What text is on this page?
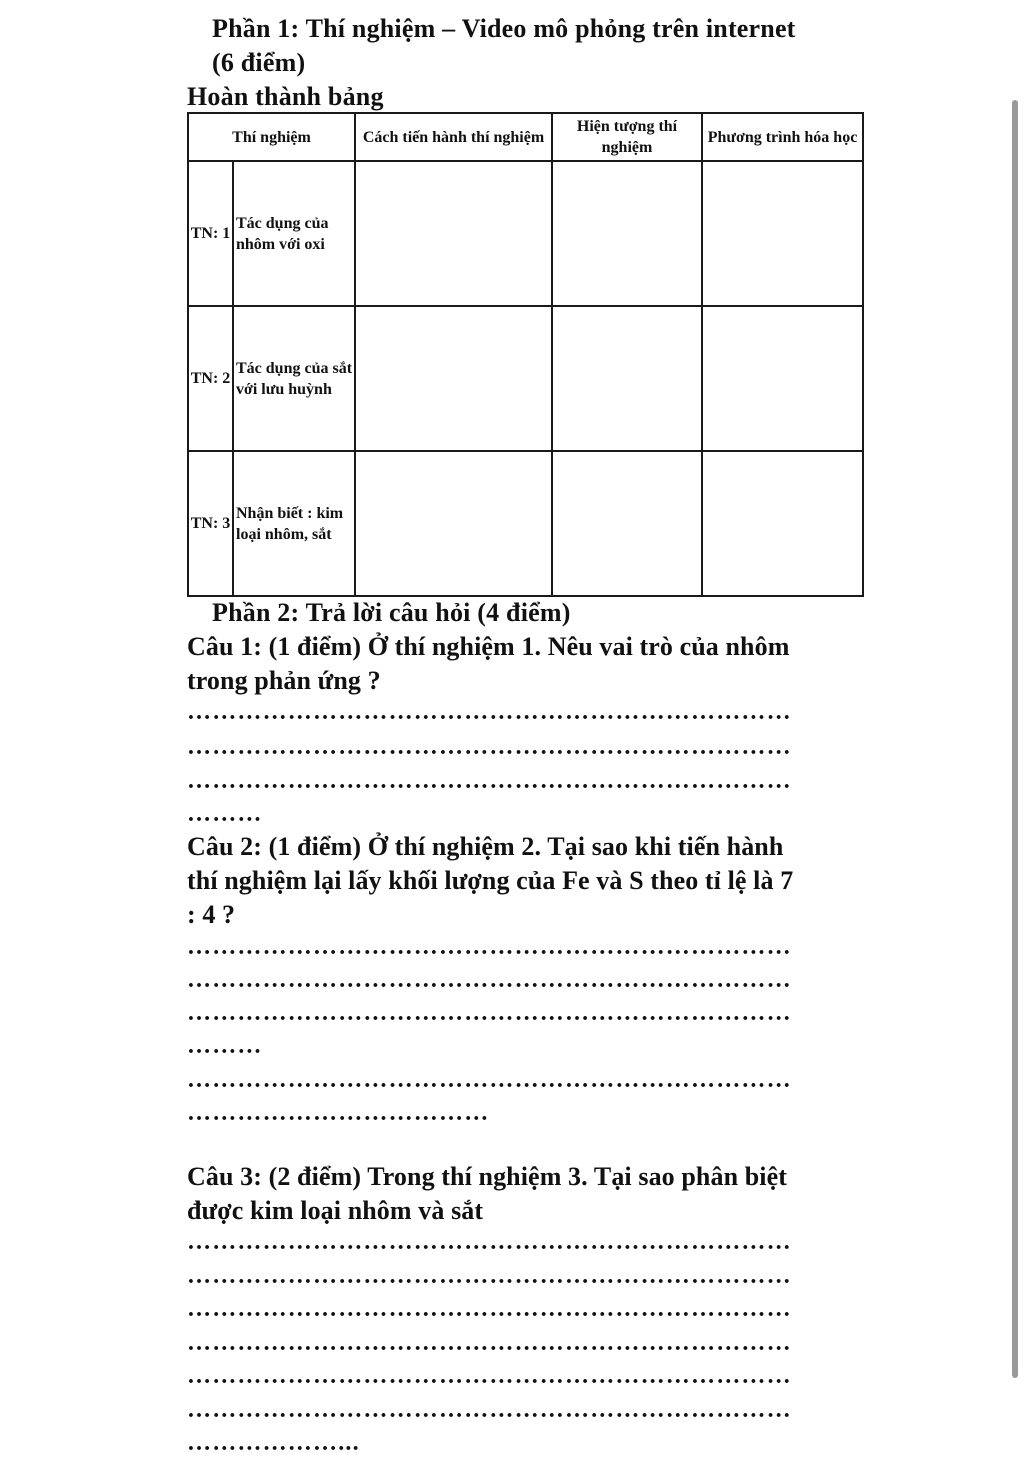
Phần 1: Thí nghiệm – Video mô phỏng trên internet
(6 điểm)
Hoàn thành bảng
Thí nghiệm		Cách tiến hành thí nghiệm	Hiện tượng thí nghiệm	Phương trình hóa học
TN: 1	Tác dụng của nhôm với oxi			
TN: 2	Tác dụng của sắt với lưu huỳnh			
TN: 3	Nhận biết : kim loại nhôm, sắt			
Phần 2: Trả lời câu hỏi (4 điểm)
Câu 1: (1 điểm) Ở thí nghiệm 1. Nêu vai trò của nhôm
trong phản ứng ?
………………………………………………………………
………………………………………………………………
………………………………………………………………
………
Câu 2: (1 điểm) Ở thí nghiệm 2. Tại sao khi tiến hành
thí nghiệm lại lấy khối lượng của Fe và S theo tỉ lệ là 7
: 4 ?
………………………………………………………………
………………………………………………………………
………………………………………………………………
………
………………………………………………………………
………………………………
Câu 3: (2 điểm) Trong thí nghiệm 3. Tại sao phân biệt
được kim loại nhôm và sắt
………………………………………………………………
………………………………………………………………
………………………………………………………………
………………………………………………………………
………………………………………………………………
………………………………………………………………
………………...
